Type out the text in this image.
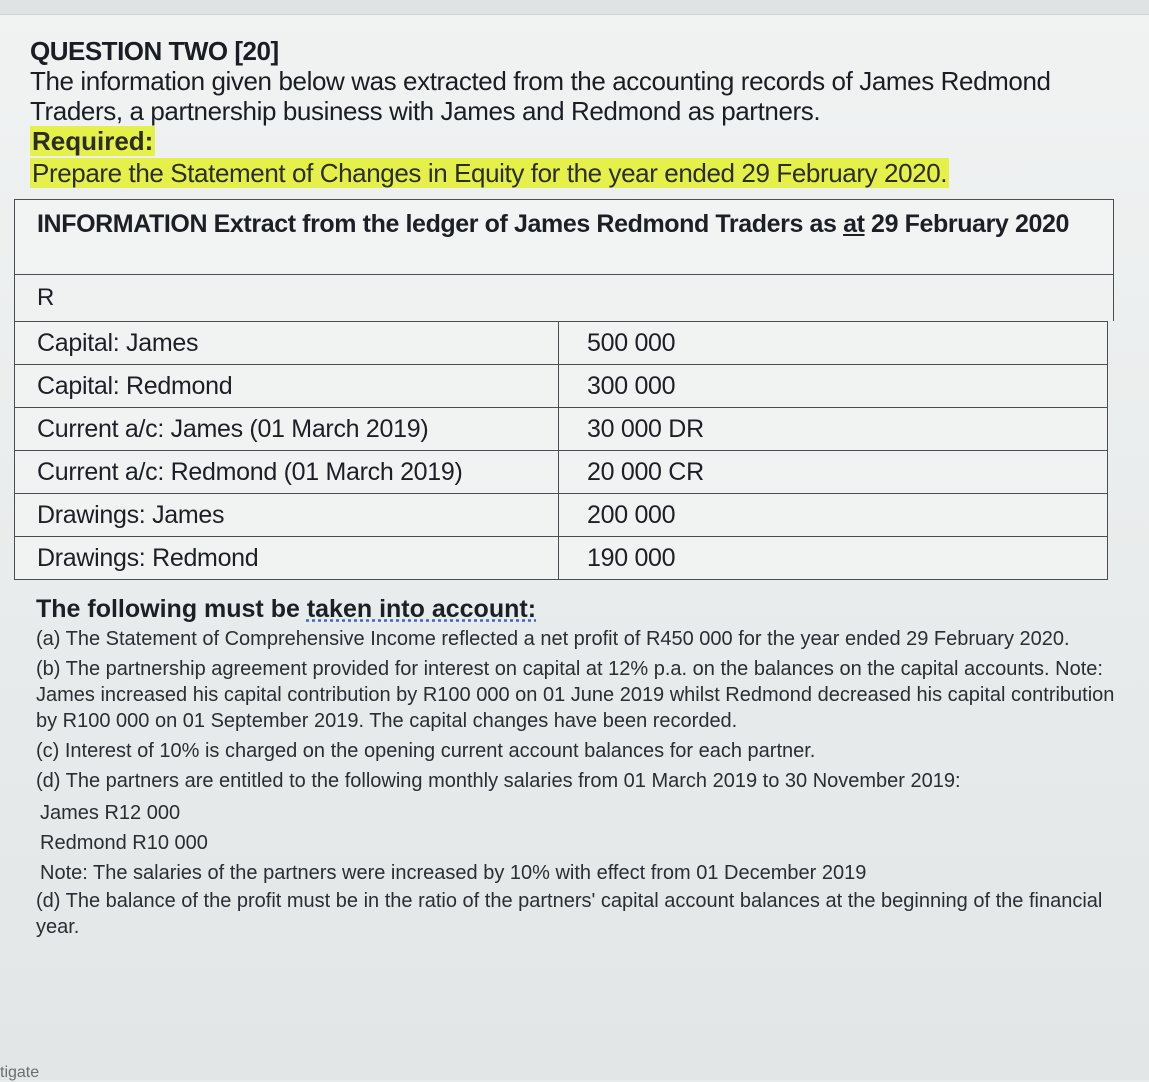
QUESTION TWO [20]
The information given below was extracted from the accounting records of James Redmond Traders, a partnership business with James and Redmond as partners.
Required:
Prepare the Statement of Changes in Equity for the year ended 29 February 2020.
INFORMATION Extract from the ledger of James Redmond Traders as at 29 February 2020
R
Capital: James	500 000
Capital: Redmond	300 000
Current a/c: James (01 March 2019)	30 000 DR
Current a/c: Redmond (01 March 2019)	20 000 CR
Drawings: James	200 000
Drawings: Redmond	190 000
The following must be taken into account:

(a) The Statement of Comprehensive Income reflected a net profit of R450 000 for the year ended 29 February 2020.

(b) The partnership agreement provided for interest on capital at 12% p.a. on the balances on the capital accounts. Note: James increased his capital contribution by R100 000 on 01 June 2019 whilst Redmond decreased his capital contribution by R100 000 on 01 September 2019. The capital changes have been recorded.

(c) Interest of 10% is charged on the opening current account balances for each partner.

(d) The partners are entitled to the following monthly salaries from 01 March 2019 to 30 November 2019:

James R12 000

Redmond R10 000

Note: The salaries of the partners were increased by 10% with effect from 01 December 2019

(d) The balance of the profit must be in the ratio of the partners' capital account balances at the beginning of the financial year.

tigate
